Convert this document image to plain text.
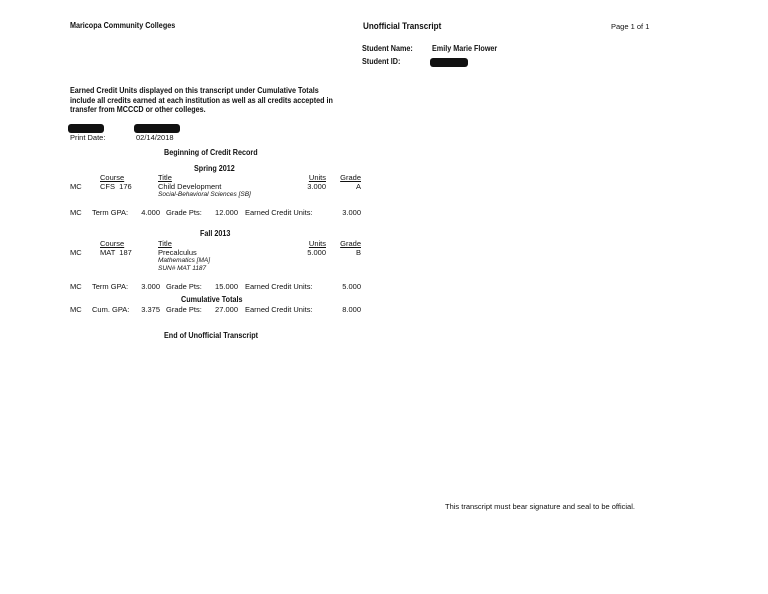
Maricopa Community Colleges	Unofficial Transcript	Page 1 of 1
Student Name:	Emily Marie Flower
Student ID:
Earned Credit Units displayed on this transcript under Cumulative Totals
include all credits earned at each institution as well as all credits accepted in
transfer from MCCCD or other colleges.
Print Date:	02/14/2018
Beginning of Credit Record
Spring 2012
Course	Title	Units	Grade
MC CFS  176	Child Development	3.000	A
Social-Behavioral Sciences [SB]
MC Term GPA:	4.000 Grade Pts:	12.000 Earned Credit Units:	3.000
Fall 2013
Course	Title	Units	Grade
MC MAT  187	Precalculus	5.000	B
Mathematics [MA]
SUN# MAT 1187
MC Term GPA:	3.000 Grade Pts:	15.000 Earned Credit Units:	5.000
Cumulative Totals
MC Cum. GPA:	3.375 Grade Pts:	27.000 Earned Credit Units:	8.000
End of Unofficial Transcript
This transcript must bear signature and seal to be official.
